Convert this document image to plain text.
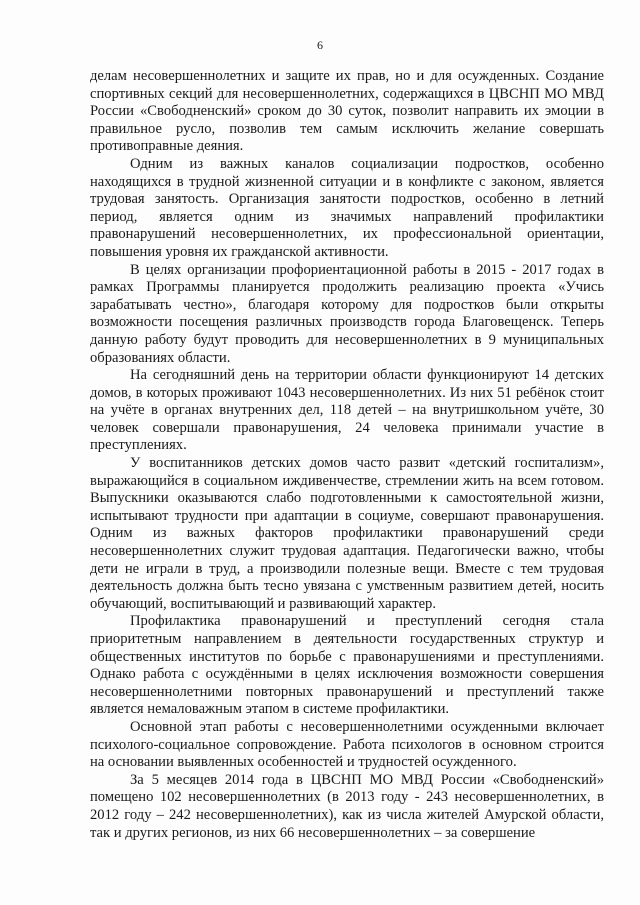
6

делам несовершеннолетних и защите их прав, но и для осужденных. Создание спортивных секций для несовершеннолетних, содержащихся в ЦВСНП МО МВД России «Свободненский» сроком до 30 суток, позволит направить их эмоции в правильное русло, позволив тем самым исключить желание совершать противоправные деяния.

Одним из важных каналов социализации подростков, особенно находящихся в трудной жизненной ситуации и в конфликте с законом, является трудовая занятость. Организация занятости подростков, особенно в летний период, является одним из значимых направлений профилактики правонарушений несовершеннолетних, их профессиональной ориентации, повышения уровня их гражданской активности.

В целях организации профориентационной работы в 2015 - 2017 годах в рамках Программы планируется продолжить реализацию проекта «Учись зарабатывать честно», благодаря которому для подростков были открыты возможности посещения различных производств города Благовещенск. Теперь данную работу будут проводить для несовершеннолетних в 9 муниципальных образованиях области.

На сегодняшний день на территории области функционируют 14 детских домов, в которых проживают 1043 несовершеннолетних. Из них 51 ребёнок стоит на учёте в органах внутренних дел, 118 детей – на внутришкольном учёте, 30 человек совершали правонарушения, 24 человека принимали участие в преступлениях.

У воспитанников детских домов часто развит «детский госпитализм», выражающийся в социальном иждивенчестве, стремлении жить на всем готовом. Выпускники оказываются слабо подготовленными к самостоятельной жизни, испытывают трудности при адаптации в социуме, совершают правонарушения. Одним из важных факторов профилактики правонарушений среди несовершеннолетних служит трудовая адаптация. Педагогически важно, чтобы дети не играли в труд, а производили полезные вещи. Вместе с тем трудовая деятельность должна быть тесно увязана с умственным развитием детей, носить обучающий, воспитывающий и развивающий характер.

Профилактика правонарушений и преступлений сегодня стала приоритетным направлением в деятельности государственных структур и общественных институтов по борьбе с правонарушениями и преступлениями. Однако работа с осуждёнными в целях исключения возможности совершения несовершеннолетними повторных правонарушений и преступлений также является немаловажным этапом в системе профилактики.

Основной этап работы с несовершеннолетними осужденными включает психолого-социальное сопровождение. Работа психологов в основном строится на основании выявленных особенностей и трудностей осужденного.

За 5 месяцев 2014 года в ЦВСНП МО МВД России «Свободненский» помещено 102 несовершеннолетних (в 2013 году - 243 несовершеннолетних, в 2012 году – 242 несовершеннолетних), как из числа жителей Амурской области, так и других регионов, из них 66 несовершеннолетних – за совершение
